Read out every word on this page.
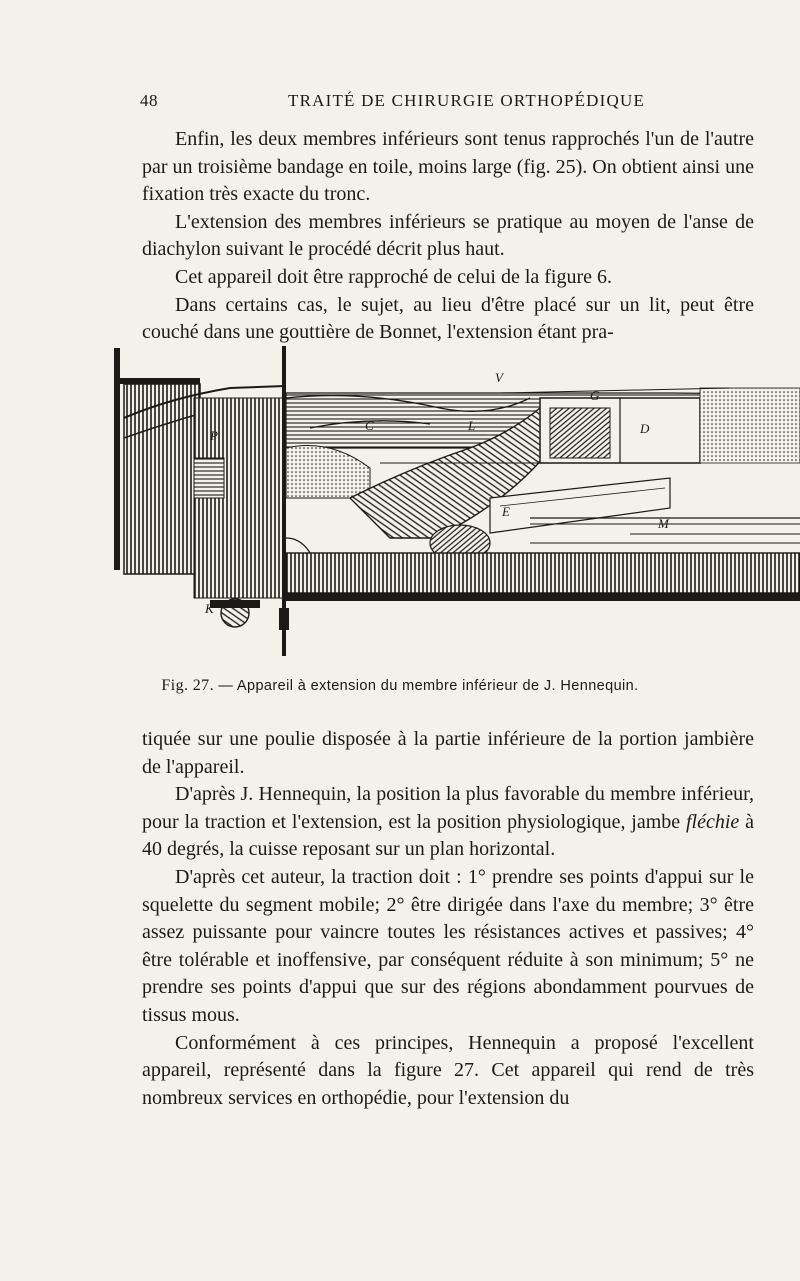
48	TRAITÉ DE CHIRURGIE ORTHOPÉDIQUE

Enfin, les deux membres inférieurs sont tenus rapprochés l'un de l'autre par un troisième bandage en toile, moins large (fig. 25). On obtient ainsi une fixation très exacte du tronc.

L'extension des membres inférieurs se pratique au moyen de l'anse de diachylon suivant le procédé décrit plus haut.

Cet appareil doit être rapproché de celui de la figure 6.

Dans certains cas, le sujet, au lieu d'être placé sur un lit, peut être couché dans une gouttière de Bonnet, l'extension étant pra-

V
G
D
C	L
P
E
M
K
Fig. 27. — Appareil à extension du membre inférieur de J. Hennequin.

tiquée sur une poulie disposée à la partie inférieure de la portion jambière de l'appareil.

D'après J. Hennequin, la position la plus favorable du membre inférieur, pour la traction et l'extension, est la position physiologique, jambe fléchie à 40 degrés, la cuisse reposant sur un plan horizontal.

D'après cet auteur, la traction doit : 1° prendre ses points d'appui sur le squelette du segment mobile; 2° être dirigée dans l'axe du membre; 3° être assez puissante pour vaincre toutes les résistances actives et passives; 4° être tolérable et inoffensive, par conséquent réduite à son minimum; 5° ne prendre ses points d'appui que sur des régions abondamment pourvues de tissus mous.

Conformément à ces principes, Hennequin a proposé l'excellent appareil, représenté dans la figure 27. Cet appareil qui rend de très nombreux services en orthopédie, pour l'extension du
